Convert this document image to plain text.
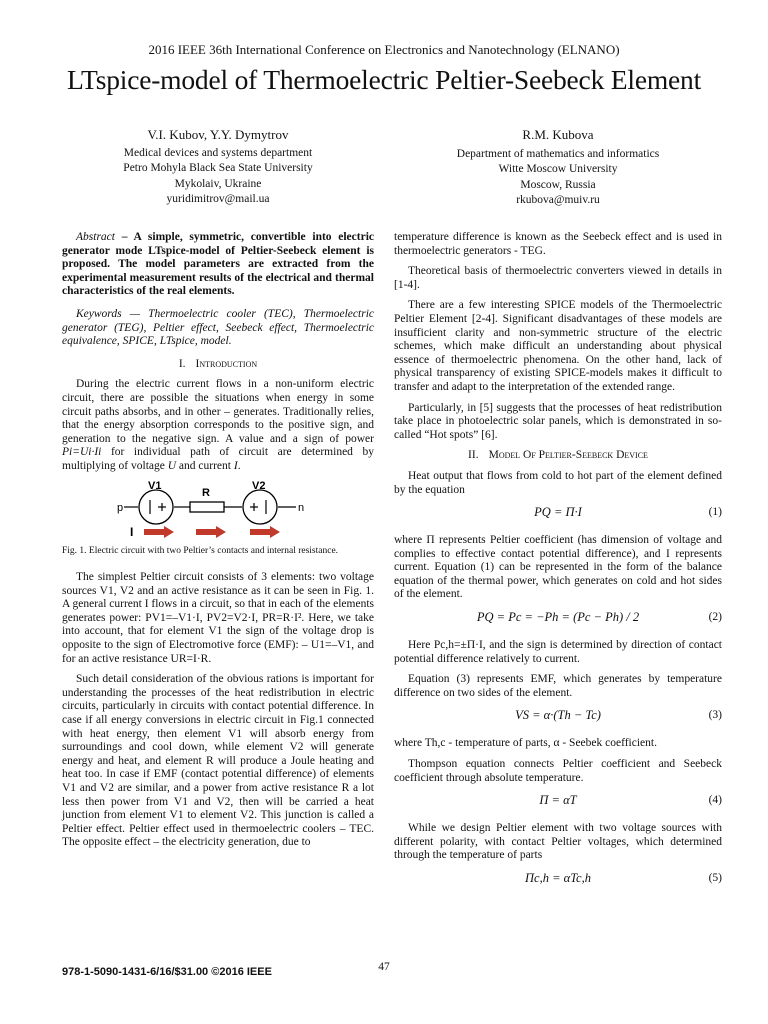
2016 IEEE 36th International Conference on Electronics and Nanotechnology (ELNANO)
LTspice-model of Thermoelectric Peltier-Seebeck Element
V.I. Kubov, Y.Y. Dymytrov
Medical devices and systems department
Petro Mohyla Black Sea State University
Mykolaiv, Ukraine
yuridimitrov@mail.ua
R.M. Kubova
Department of mathematics and informatics
Witte Moscow University
Moscow, Russia
rkubova@muiv.ru

Abstract – A simple, symmetric, convertible into electric generator mode LTspice-model of Peltier-Seebeck element is proposed. The model parameters are extracted from the experimental measurement results of the electrical and thermal characteristics of the real elements.

Keywords — Thermoelectric cooler (TEC), Thermoelectric generator (TEG), Peltier effect, Seebeck effect, Thermoelectric equivalence, SPICE, LTspice, model.

I. Introduction

During the electric current flows in a non-uniform electric circuit, there are possible the situations when energy in some circuit paths absorbs, and in other – generates. Traditionally relies, that the energy absorption corresponds to the positive sign, and generation to the negative sign. A value and a sign of power Pi=Ui·Ii for individual path of circuit are determined by multiplying of voltage U and current I.

V1
R
V2
p	n
I

Fig. 1. Electric circuit with two Peltier’s contacts and internal resistance.

The simplest Peltier circuit consists of 3 elements: two voltage sources V1, V2 and an active resistance as it can be seen in Fig. 1. A general current I flows in a circuit, so that in each of the elements generates power: PV1=–V1·I, PV2=V2·I, PR=R·I². Here, we take into account, that for element V1 the sign of the voltage drop is opposite to the sign of Electromotive force (EMF): – U1=–V1, and for an active resistance UR=I·R.

Such detail consideration of the obvious rations is important for understanding the processes of the heat redistribution in electric circuits, particularly in circuits with contact potential difference. In case if all energy conversions in electric circuit in Fig.1 connected with heat energy, then element V1 will absorb energy from surroundings and cool down, while element V2 will generate energy and heat, and element R will produce a Joule heating and heat too. In case if EMF (contact potential difference) of elements V1 and V2 are similar, and a power from active resistance R a lot less then power from V1 and V2, then will be carried a heat junction from element V1 to element V2. This junction is called a Peltier effect. Peltier effect used in thermoelectric coolers – TEC. The opposite effect – the electricity generation, due to

temperature difference is known as the Seebeck effect and is used in thermoelectric generators - TEG.

Theoretical basis of thermoelectric converters viewed in details in [1-4].

There are a few interesting SPICE models of the Thermoelectric Peltier Element [2-4]. Significant disadvantages of these models are insufficient clarity and non-symmetric structure of the electric schemes, which make difficult an understanding about physical essence of thermoelectric phenomena. On the other hand, lack of physical transparency of existing SPICE-models makes it difficult to transfer and adapt to the interpretation of the extended range.

Particularly, in [5] suggests that the processes of heat redistribution take place in photoelectric solar panels, which is demonstrated in so-called “Hot spots” [6].

II. Model Of Peltier-Seebeck Device

Heat output that flows from cold to hot part of the element defined by the equation

PQ = Π·I	(1)

where Π represents Peltier coefficient (has dimension of voltage and complies to effective contact potential difference), and I represents current. Equation (1) can be represented in the form of the balance equation of the thermal power, which generates on cold and hot sides of the element.

PQ = Pc = −Ph = (Pc − Ph) / 2	(2)

Here Pc,h=±Π·I, and the sign is determined by direction of contact potential difference relatively to current.

Equation (3) represents EMF, which generates by temperature difference on two sides of the element.

VS = α·(Th − Tc)	(3)

where Th,c - temperature of parts, α - Seebek coefficient.

Thompson equation connects Peltier coefficient and Seebeck coefficient through absolute temperature.

Π = αT	(4)

While we design Peltier element with two voltage sources with different polarity, with contact Peltier voltages, which determined through the temperature of parts

Πc,h = αTc,h	(5)
978-1-5090-1431-6/16/$31.00 ©2016 IEEE	47
